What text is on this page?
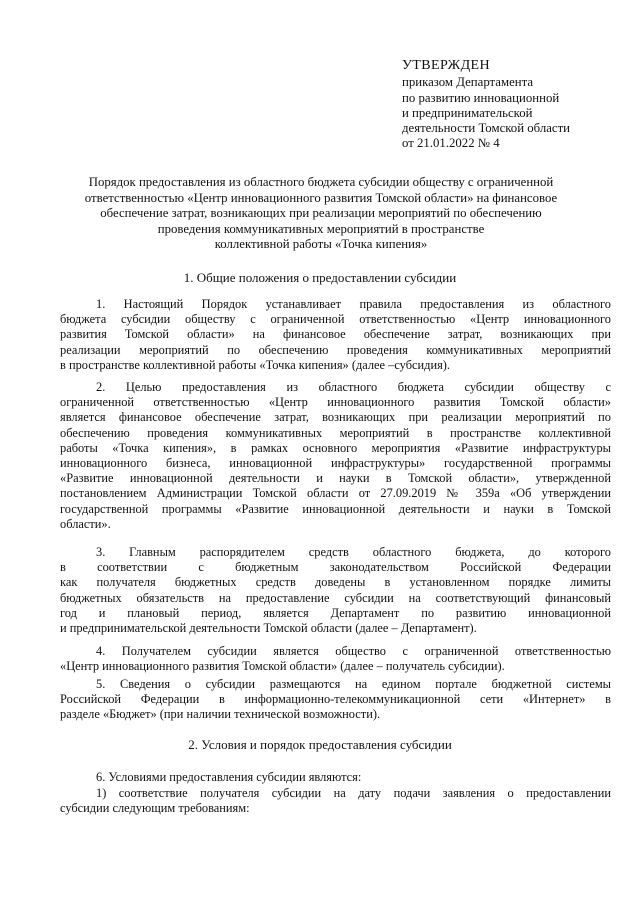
УТВЕРЖДЕН
приказом Департамента
по развитию инновационной
и предпринимательской
деятельности Томской области
от 21.01.2022 № 4
Порядок предоставления из областного бюджета субсидии обществу с ограниченной
ответственностью «Центр инновационного развития Томской области» на финансовое
обеспечение затрат, возникающих при реализации мероприятий по обеспечению
проведения коммуникативных мероприятий в пространстве
коллективной работы «Точка кипения»
1. Общие положения о предоставлении субсидии
1. Настоящий Порядок устанавливает правила предоставления из областного
бюджета субсидии обществу с ограниченной ответственностью «Центр инновационного
развития Томской области» на финансовое обеспечение затрат, возникающих при
реализации мероприятий по обеспечению проведения коммуникативных мероприятий
в пространстве коллективной работы «Точка кипения» (далее –субсидия).
2. Целью предоставления из областного бюджета субсидии обществу с
ограниченной ответственностью «Центр инновационного развития Томской области»
является финансовое обеспечение затрат, возникающих при реализации мероприятий по
обеспечению проведения коммуникативных мероприятий в пространстве коллективной
работы «Точка кипения», в рамках основного мероприятия «Развитие инфраструктуры
инновационного бизнеса, инновационной инфраструктуры» государственной программы
«Развитие инновационной деятельности и науки в Томской области», утвержденной
постановлением Администрации Томской области от 27.09.2019 № 359а «Об утверждении
государственной программы «Развитие инновационной деятельности и науки в Томской
области».
3. Главным распорядителем средств областного бюджета, до которого
в соответствии с бюджетным законодательством Российской Федерации
как получателя бюджетных средств доведены в установленном порядке лимиты
бюджетных обязательств на предоставление субсидии на соответствующий финансовый
год и плановый период, является Департамент по развитию инновационной
и предпринимательской деятельности Томской области (далее – Департамент).
4. Получателем субсидии является общество с ограниченной ответственностью
«Центр инновационного развития Томской области» (далее – получатель субсидии).
5. Сведения о субсидии размещаются на едином портале бюджетной системы
Российской Федерации в информационно-телекоммуникационной сети «Интернет» в
разделе «Бюджет» (при наличии технической возможности).
2. Условия и порядок предоставления субсидии
6. Условиями предоставления субсидии являются:
1) соответствие получателя субсидии на дату подачи заявления о предоставлении
субсидии следующим требованиям:
